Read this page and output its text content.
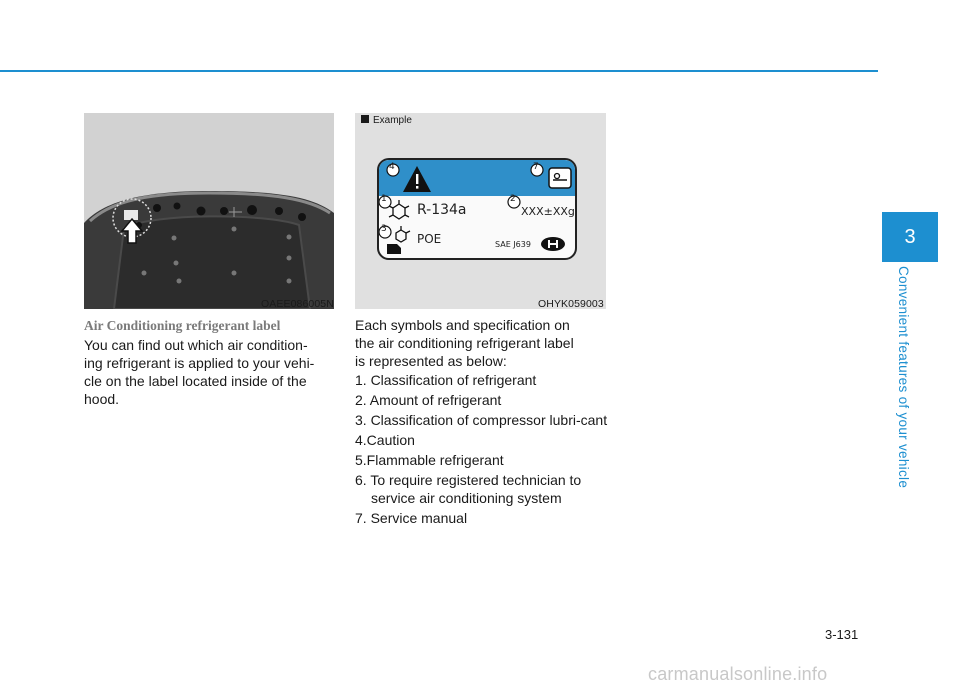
OAEE086005N
Example
4	7
1	2
3
R-134a	XXX±XXg
POE	SAE J639
OHYK059003
Air Conditioning refrigerant label
You can find out which air condition-
ing refrigerant is applied to your vehi-
cle on the label located inside of the
hood.
Each symbols and specification on
the air conditioning refrigerant label
is represented as below:
1. Classification of refrigerant
2. Amount of refrigerant
3. Classification of compressor lubri-cant
4.Caution
5.Flammable refrigerant
6. To require registered technician to service air conditioning system
7. Service manual
3
Convenient features of your vehicle
3-131
carmanualsonline.info
